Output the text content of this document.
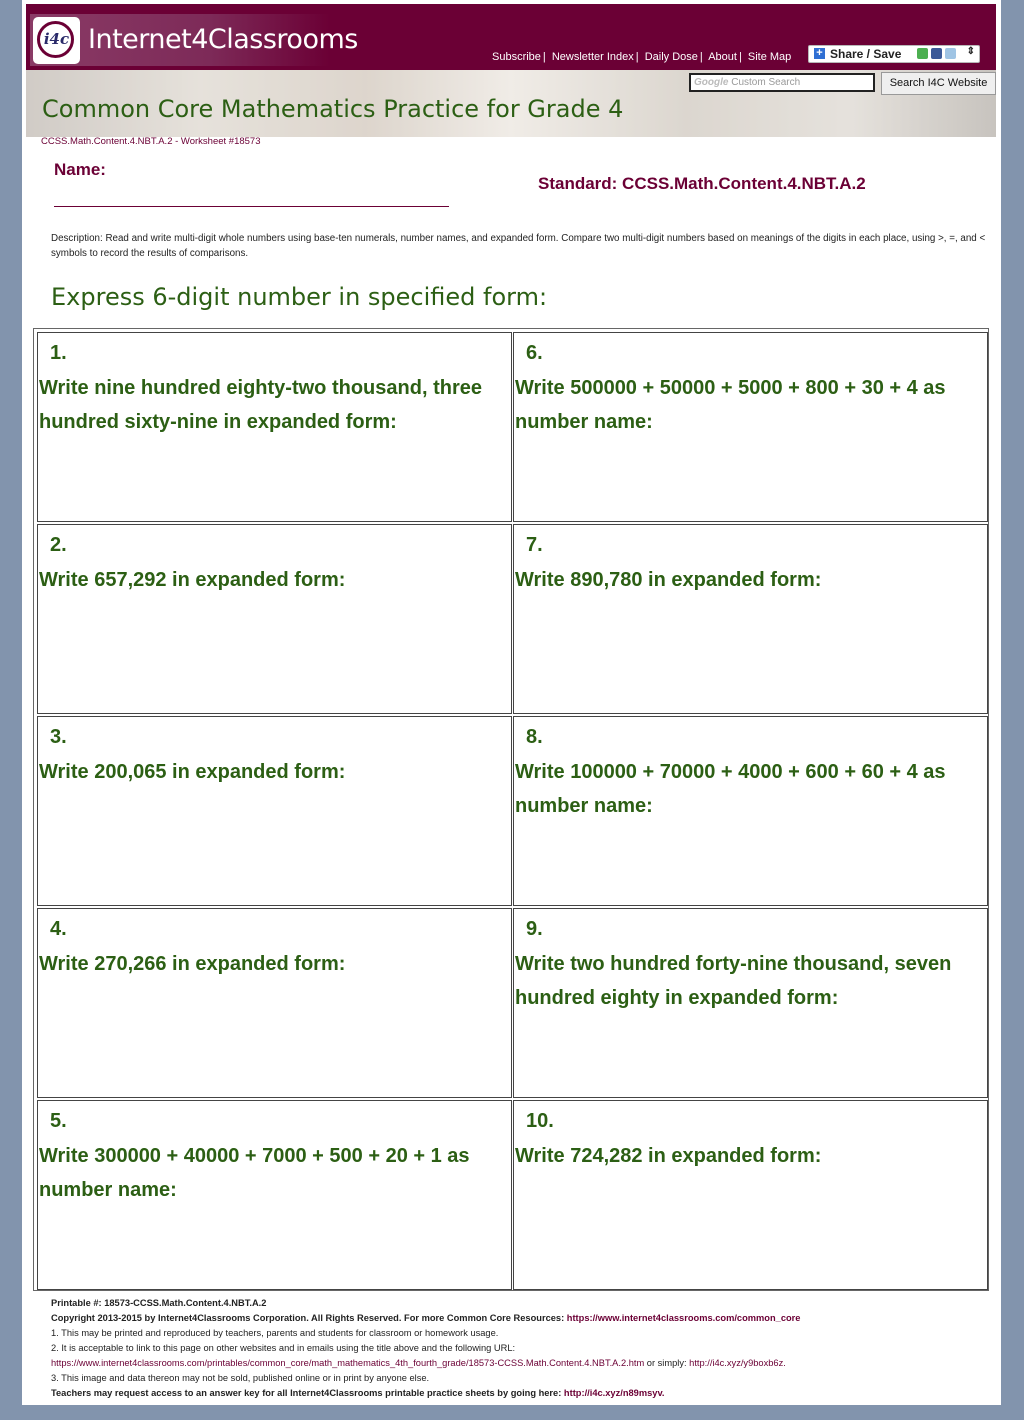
i4c Internet4Classrooms
Subscribe | Newsletter Index | Daily Dose | About | Site Map + Share / Save	⇕
Google Custom Search	Search I4C Website
Common Core Mathematics Practice for Grade 4
CCSS.Math.Content.4.NBT.A.2 - Worksheet #18573
Name:
Standard: CCSS.Math.Content.4.NBT.A.2
Description: Read and write multi-digit whole numbers using base-ten numerals, number names, and expanded form. Compare two multi-digit numbers based on meanings of the digits in each place, using >, =, and < symbols to record the results of comparisons.
Express 6-digit number in specified form:
1.
Write nine hundred eighty-two thousand, three hundred sixty-nine in expanded form:
6.
Write 500000 + 50000 + 5000 + 800 + 30 + 4 as number name:
2.
Write 657,292 in expanded form:
7.
Write 890,780 in expanded form:
3.
Write 200,065 in expanded form:
8.
Write 100000 + 70000 + 4000 + 600 + 60 + 4 as number name:
4.
Write 270,266 in expanded form:
9.
Write two hundred forty-nine thousand, seven hundred eighty in expanded form:
5.
Write 300000 + 40000 + 7000 + 500 + 20 + 1 as number name:
10.
Write 724,282 in expanded form:
Printable #: 18573-CCSS.Math.Content.4.NBT.A.2
Copyright 2013-2015 by Internet4Classrooms Corporation. All Rights Reserved. For more Common Core Resources: https://www.internet4classrooms.com/common_core
1. This may be printed and reproduced by teachers, parents and students for classroom or homework usage.
2. It is acceptable to link to this page on other websites and in emails using the title above and the following URL:
https://www.internet4classrooms.com/printables/common_core/math_mathematics_4th_fourth_grade/18573-CCSS.Math.Content.4.NBT.A.2.htm or simply: http://i4c.xyz/y9boxb6z.
3. This image and data thereon may not be sold, published online or in print by anyone else.
Teachers may request access to an answer key for all Internet4Classrooms printable practice sheets by going here: http://i4c.xyz/n89msyv.
